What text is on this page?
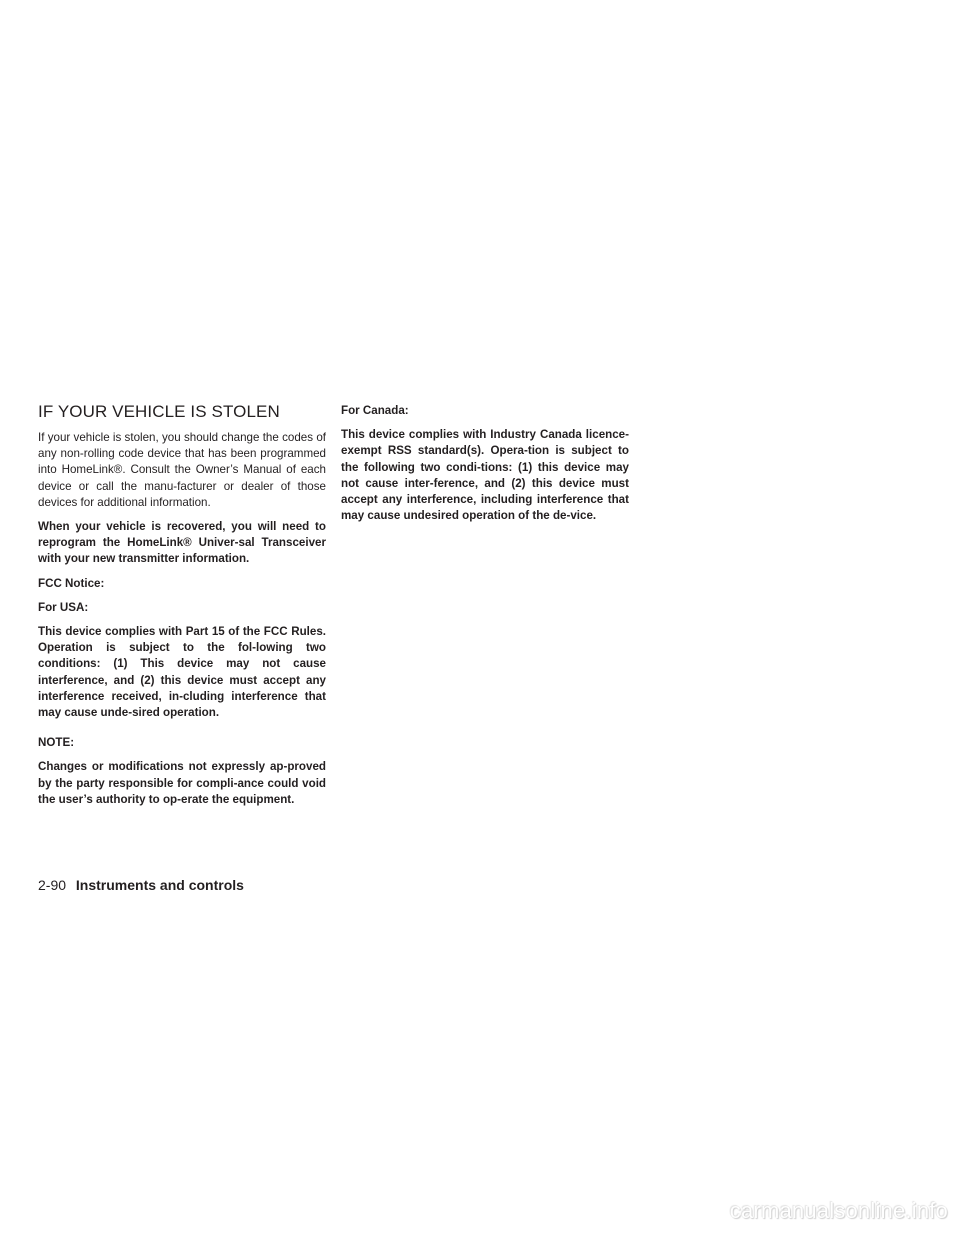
IF YOUR VEHICLE IS STOLEN

If your vehicle is stolen, you should change the codes of any non-rolling code device that has been programmed into HomeLink®. Consult the Owner’s Manual of each device or call the manu-facturer or dealer of those devices for additional information.

When your vehicle is recovered, you will need to reprogram the HomeLink® Univer-sal Transceiver with your new transmitter information.

FCC Notice:

For USA:

This device complies with Part 15 of the FCC Rules. Operation is subject to the fol-lowing two conditions: (1) This device may not cause interference, and (2) this device must accept any interference received, in-cluding interference that may cause unde-sired operation.

NOTE:

Changes or modifications not expressly ap-proved by the party responsible for compli-ance could void the user’s authority to op-erate the equipment.

For Canada:

This device complies with Industry Canada licence-exempt RSS standard(s). Opera-tion is subject to the following two condi-tions: (1) this device may not cause inter-ference, and (2) this device must accept any interference, including interference that may cause undesired operation of the de-vice.

2-90 Instruments and controls
carmanualsonline.info
